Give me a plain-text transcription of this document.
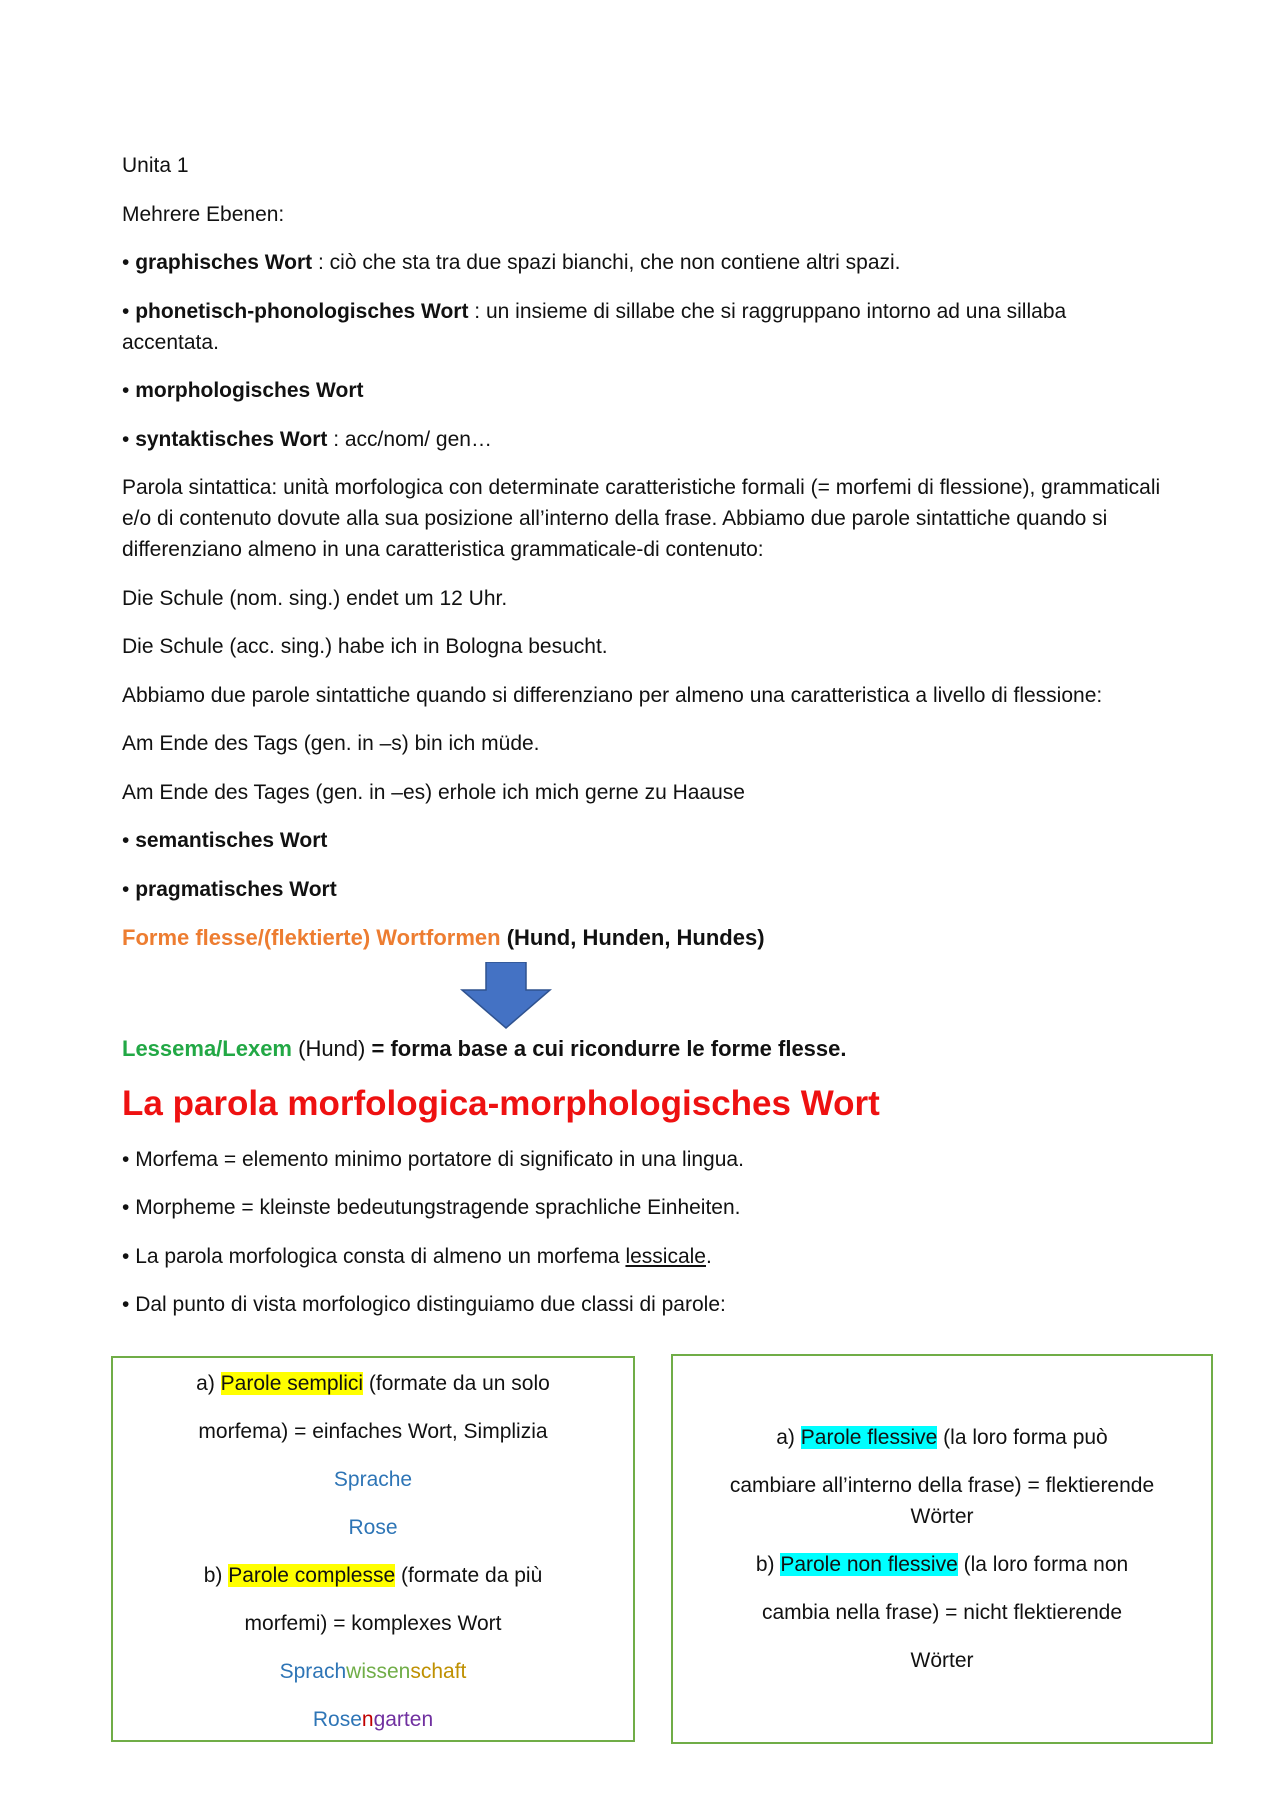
Unita 1

Mehrere Ebenen:

• graphisches Wort : ciò che sta tra due spazi bianchi, che non contiene altri spazi.

• phonetisch-phonologisches Wort : un insieme di sillabe che si raggruppano intorno ad una sillaba accentata.

• morphologisches Wort

• syntaktisches Wort : acc/nom/ gen…

Parola sintattica: unità morfologica con determinate caratteristiche formali (= morfemi di flessione), grammaticali e/o di contenuto dovute alla sua posizione all’interno della frase. Abbiamo due parole sintattiche quando si differenziano almeno in una caratteristica grammaticale-di contenuto:

Die Schule (nom. sing.) endet um 12 Uhr.

Die Schule (acc. sing.) habe ich in Bologna besucht.

Abbiamo due parole sintattiche quando si differenziano per almeno una caratteristica a livello di flessione:

Am Ende des Tags (gen. in –s) bin ich müde.

Am Ende des Tages (gen. in –es) erhole ich mich gerne zu Haause

• semantisches Wort

• pragmatisches Wort

Forme flesse/(flektierte) Wortformen (Hund, Hunden, Hundes)

Lessema/Lexem (Hund) = forma base a cui ricondurre le forme flesse.

La parola morfologica-morphologisches Wort

• Morfema = elemento minimo portatore di significato in una lingua.

• Morpheme = kleinste bedeutungstragende sprachliche Einheiten.

• La parola morfologica consta di almeno un morfema lessicale.

• Dal punto di vista morfologico distinguiamo due classi di parole:

a) Parole semplici (formate da un solo
morfema) = einfaches Wort, Simplizia
Sprache
Rose
b) Parole complesse (formate da più
morfemi) = komplexes Wort
Sprachwissenschaft
Rosengarten
a) Parole flessive (la loro forma può
cambiare all’interno della frase) = flektierende Wörter
b) Parole non flessive (la loro forma non
cambia nella frase) = nicht flektierende
Wörter
